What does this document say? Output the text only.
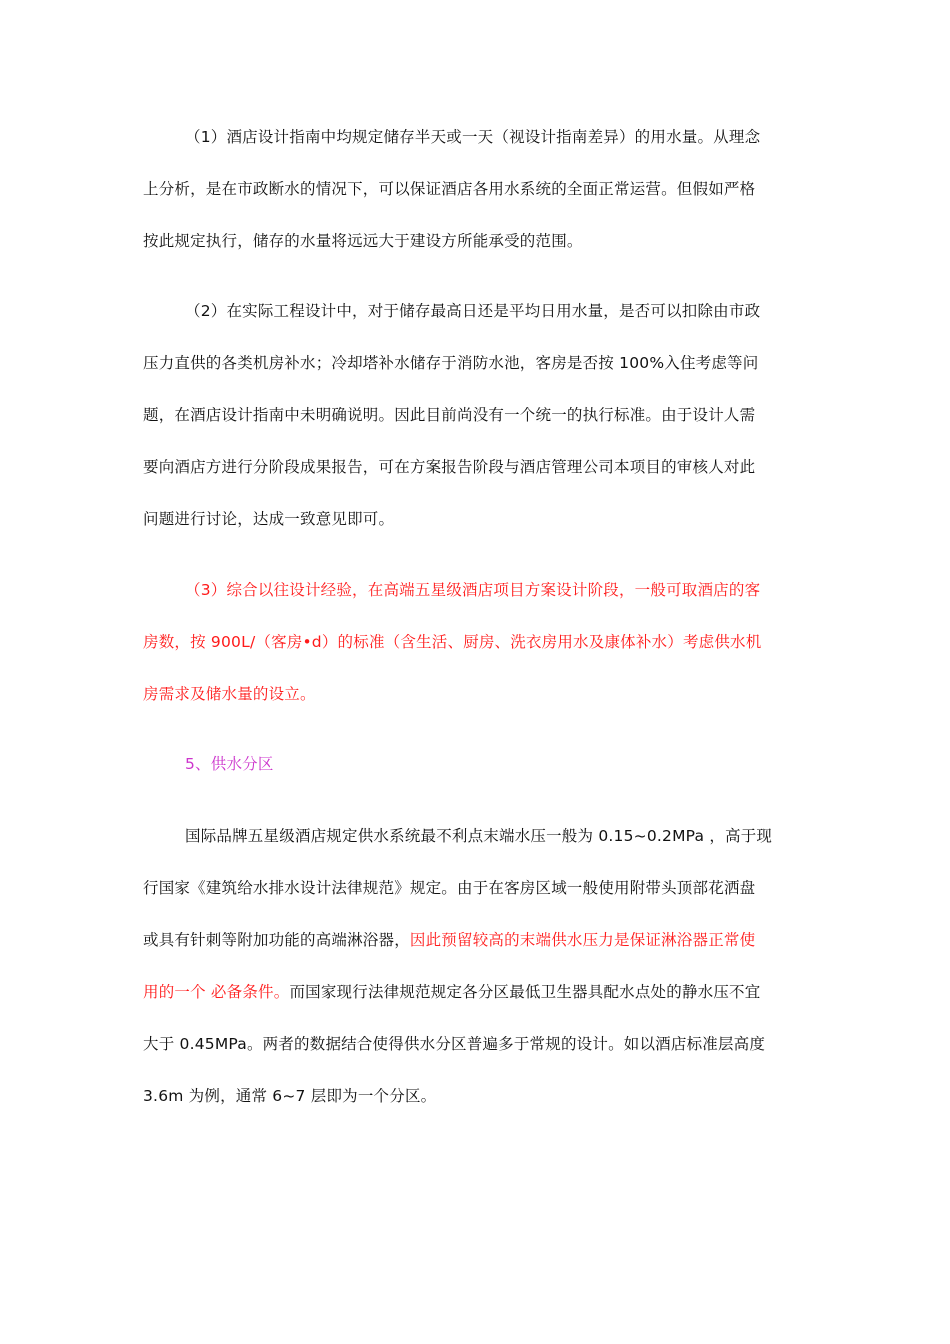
（1）酒店设计指南中均规定储存半天或一天（视设计指南差异）的用水量。从理念
上分析，是在市政断水的情况下，可以保证酒店各用水系统的全面正常运营。但假如严格
按此规定执行，储存的水量将远远大于建设方所能承受的范围。

（2）在实际工程设计中，对于储存最高日还是平均日用水量，是否可以扣除由市政
压力直供的各类机房补水；冷却塔补水储存于消防水池，客房是否按 100%入住考虑等问
题，在酒店设计指南中未明确说明。因此目前尚没有一个统一的执行标准。由于设计人需
要向酒店方进行分阶段成果报告，可在方案报告阶段与酒店管理公司本项目的审核人对此
问题进行讨论，达成一致意见即可。

（3）综合以往设计经验，在高端五星级酒店项目方案设计阶段，一般可取酒店的客
房数，按 900L/（客房•d）的标准（含生活、厨房、洗衣房用水及康体补水）考虑供水机
房需求及储水量的设立。

5、供水分区

国际品牌五星级酒店规定供水系统最不利点末端水压一般为 0.15~0.2MPa ，高于现
行国家《建筑给水排水设计法律规范》规定。由于在客房区域一般使用附带头顶部花洒盘
或具有针刺等附加功能的高端淋浴器，因此预留较高的末端供水压力是保证淋浴器正常使
用的一个 必备条件。而国家现行法律规范规定各分区最低卫生器具配水点处的静水压不宜
大于 0.45MPa。两者的数据结合使得供水分区普遍多于常规的设计。如以酒店标准层高度
3.6m 为例，通常 6~7 层即为一个分区。
